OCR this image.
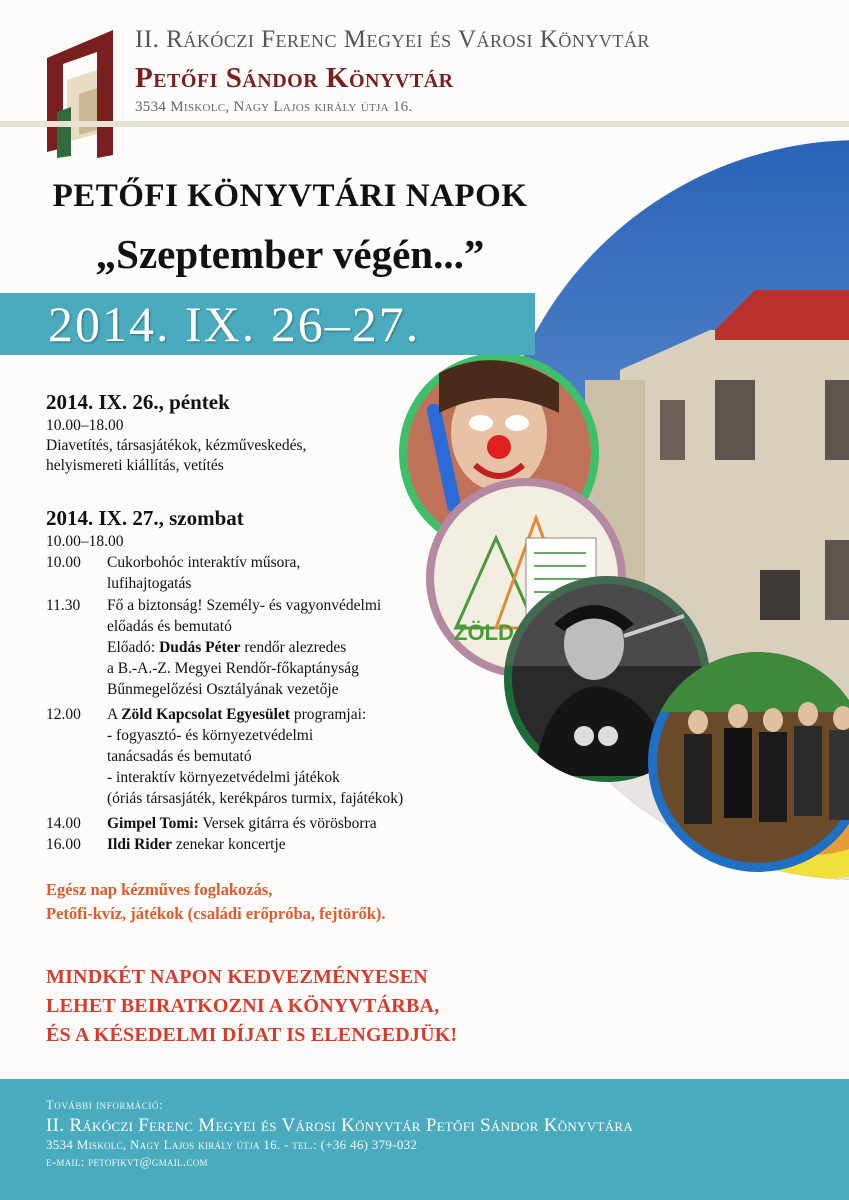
II. Rákóczi Ferenc Megyei és Városi Könyvtár
Petőfi Sándor Könyvtár
3534 Miskolc, Nagy Lajos király útja 16.
ZÖLD
PETŐFI KÖNYVTÁRI NAPOK
„Szeptember végén...”
2014. IX. 26–27.
2014. IX. 26., péntek
10.00–18.00
Diavetítés, társasjátékok, kézműveskedés,
helyismereti kiállítás, vetítés
2014. IX. 27., szombat
10.00–18.00
10.00 Cukorbohóc interaktív műsora,
lufihajtogatás
11.30 Fő a biztonság! Személy- és vagyonvédelmi
előadás és bemutató
Előadó: Dudás Péter rendőr alezredes
a B.-A.-Z. Megyei Rendőr-főkaptányság
Bűnmegelőzési Osztályának vezetője
12.00 A Zöld Kapcsolat Egyesület programjai:
- fogyasztó- és környezetvédelmi
tanácsadás és bemutató
- interaktív környezetvédelmi játékok
(óriás társasjáték, kerékpáros turmix, fajátékok)
14.00 Gimpel Tomi: Versek gitárra és vörösborra
16.00 Ildi Rider zenekar koncertje
Egész nap kézműves foglakozás,
Petőfi-kvíz, játékok (családi erőpróba, fejtörők).
MINDKÉT NAPON KEDVEZMÉNYESEN
LEHET BEIRATKOZNI A KÖNYVTÁRBA,
ÉS A KÉSEDELMI DÍJAT IS ELENGEDJÜK!
További információ:
II. Rákóczi Ferenc Megyei és Városi Könyvtár Petőfi Sándor Könyvtára
3534 Miskolc, Nagy Lajos király útja 16. - tel.: (+36 46) 379-032
e-mail: petofikvt@gmail.com
